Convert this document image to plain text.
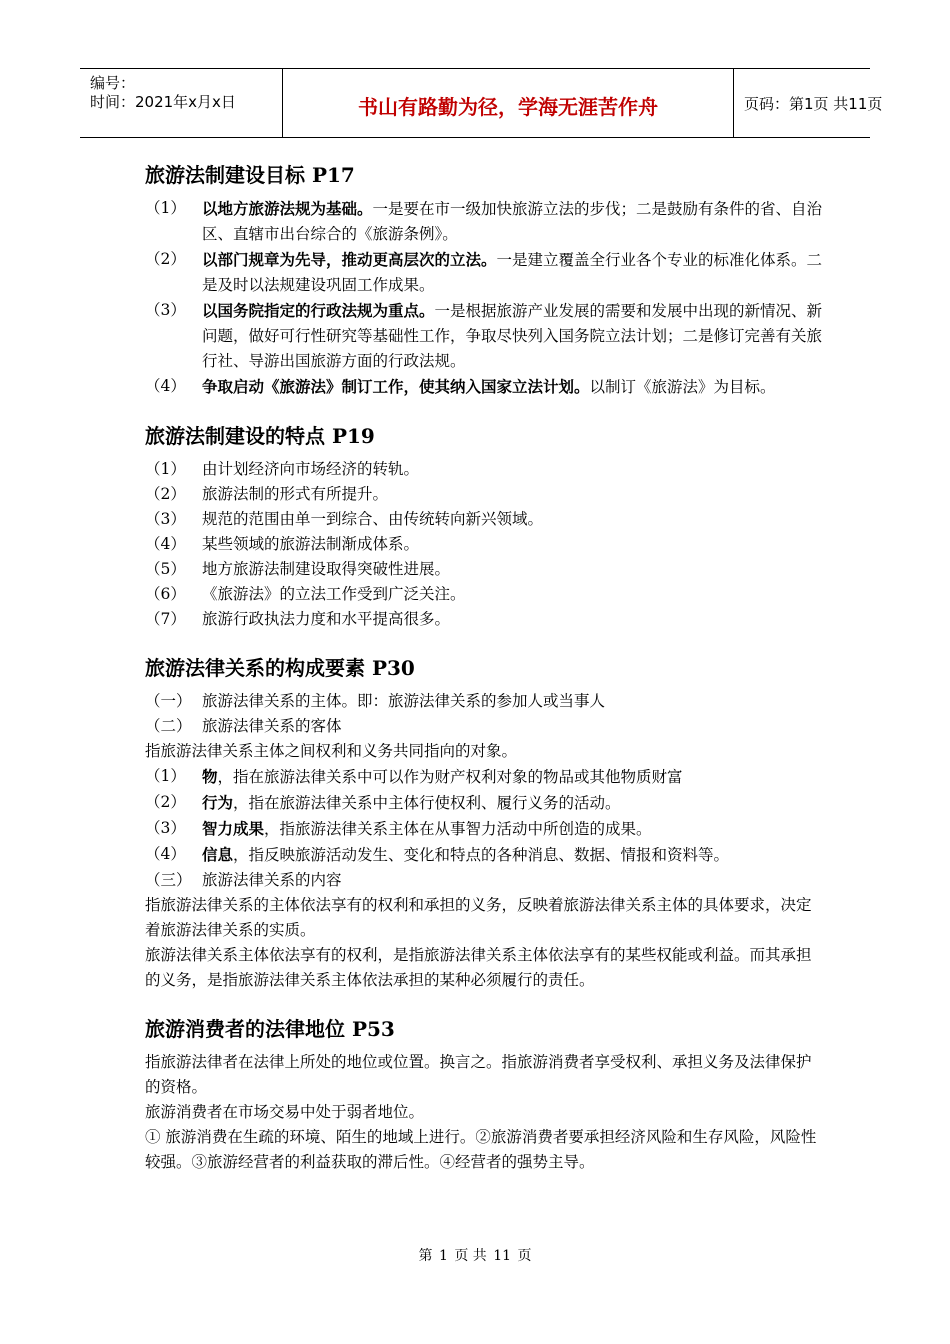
编号：
时间：2021年x月x日	书山有路勤为径，学海无涯苦作舟	页码：第1页 共11页
旅游法制建设目标 P17
（1）	以地方旅游法规为基础。一是要在市一级加快旅游立法的步伐；二是鼓励有条件的省、自治区、直辖市出台综合的《旅游条例》。
（2）	以部门规章为先导，推动更高层次的立法。一是建立覆盖全行业各个专业的标准化体系。二是及时以法规建设巩固工作成果。
（3）	以国务院指定的行政法规为重点。一是根据旅游产业发展的需要和发展中出现的新情况、新问题，做好可行性研究等基础性工作，争取尽快列入国务院立法计划；二是修订完善有关旅行社、导游出国旅游方面的行政法规。
（4）	争取启动《旅游法》制订工作，使其纳入国家立法计划。以制订《旅游法》为目标。
旅游法制建设的特点 P19
（1）	由计划经济向市场经济的转轨。
（2）	旅游法制的形式有所提升。
（3）	规范的范围由单一到综合、由传统转向新兴领域。
（4）	某些领域的旅游法制渐成体系。
（5）	地方旅游法制建设取得突破性进展。
（6）	《旅游法》的立法工作受到广泛关注。
（7）	旅游行政执法力度和水平提高很多。
旅游法律关系的构成要素 P30
（一） 旅游法律关系的主体。即：旅游法律关系的参加人或当事人
（二） 旅游法律关系的客体
指旅游法律关系主体之间权利和义务共同指向的对象。
（1）	物，指在旅游法律关系中可以作为财产权利对象的物品或其他物质财富
（2）	行为，指在旅游法律关系中主体行使权利、履行义务的活动。
（3）	智力成果，指旅游法律关系主体在从事智力活动中所创造的成果。
（4）	信息，指反映旅游活动发生、变化和特点的各种消息、数据、情报和资料等。
（三） 旅游法律关系的内容
指旅游法律关系的主体依法享有的权利和承担的义务，反映着旅游法律关系主体的具体要求，决定着旅游法律关系的实质。
旅游法律关系主体依法享有的权利，是指旅游法律关系主体依法享有的某些权能或利益。而其承担的义务，是指旅游法律关系主体依法承担的某种必须履行的责任。
旅游消费者的法律地位 P53
指旅游法律者在法律上所处的地位或位置。换言之。指旅游消费者享受权利、承担义务及法律保护的资格。
旅游消费者在市场交易中处于弱者地位。
① 旅游消费在生疏的环境、陌生的地域上进行。②旅游消费者要承担经济风险和生存风险，风险性较强。③旅游经营者的利益获取的滞后性。④经营者的强势主导。
第 1 页 共 11 页
